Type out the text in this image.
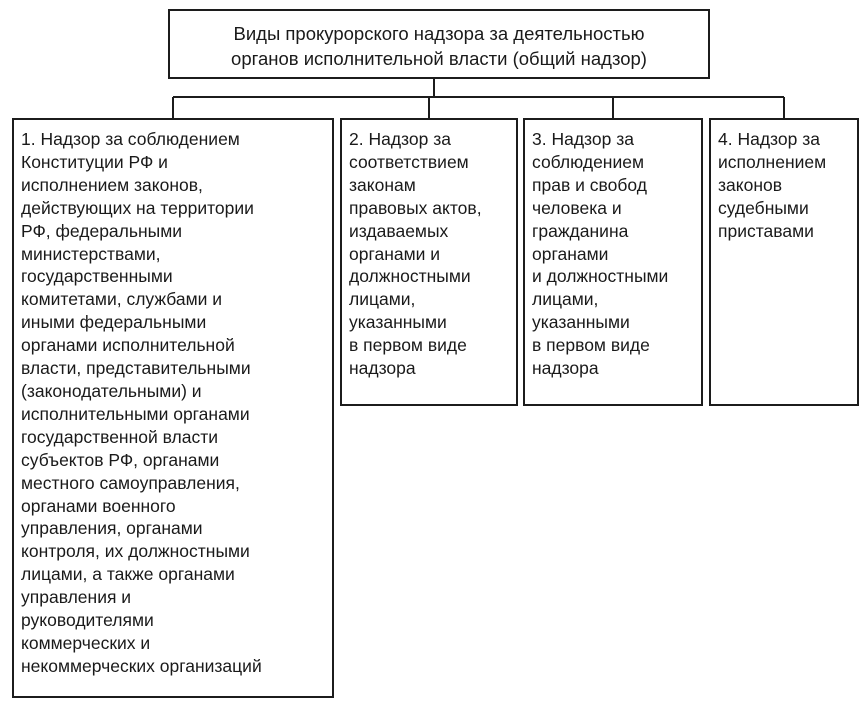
Виды прокурорского надзора за деятельностью
органов исполнительной власти (общий надзор)
1. Надзор за соблюдением
Конституции РФ и
исполнением законов,
действующих на территории
РФ, федеральными
министерствами,
государственными
комитетами, службами и
иными федеральными
органами исполнительной
власти, представительными
(законодательными) и
исполнительными органами
государственной власти
субъектов РФ, органами
местного самоуправления,
органами военного
управления, органами
контроля, их должностными
лицами, а также органами
управления и
руководителями
коммерческих и
некоммерческих организаций
2. Надзор за
соответствием
законам
правовых актов,
издаваемых
органами и
должностными
лицами,
указанными
в первом виде
надзора
3. Надзор за
соблюдением
прав и свобод
человека и
гражданина
органами
и должностными
лицами,
указанными
в первом виде
надзора
4. Надзор за
исполнением
законов
судебными
приставами
